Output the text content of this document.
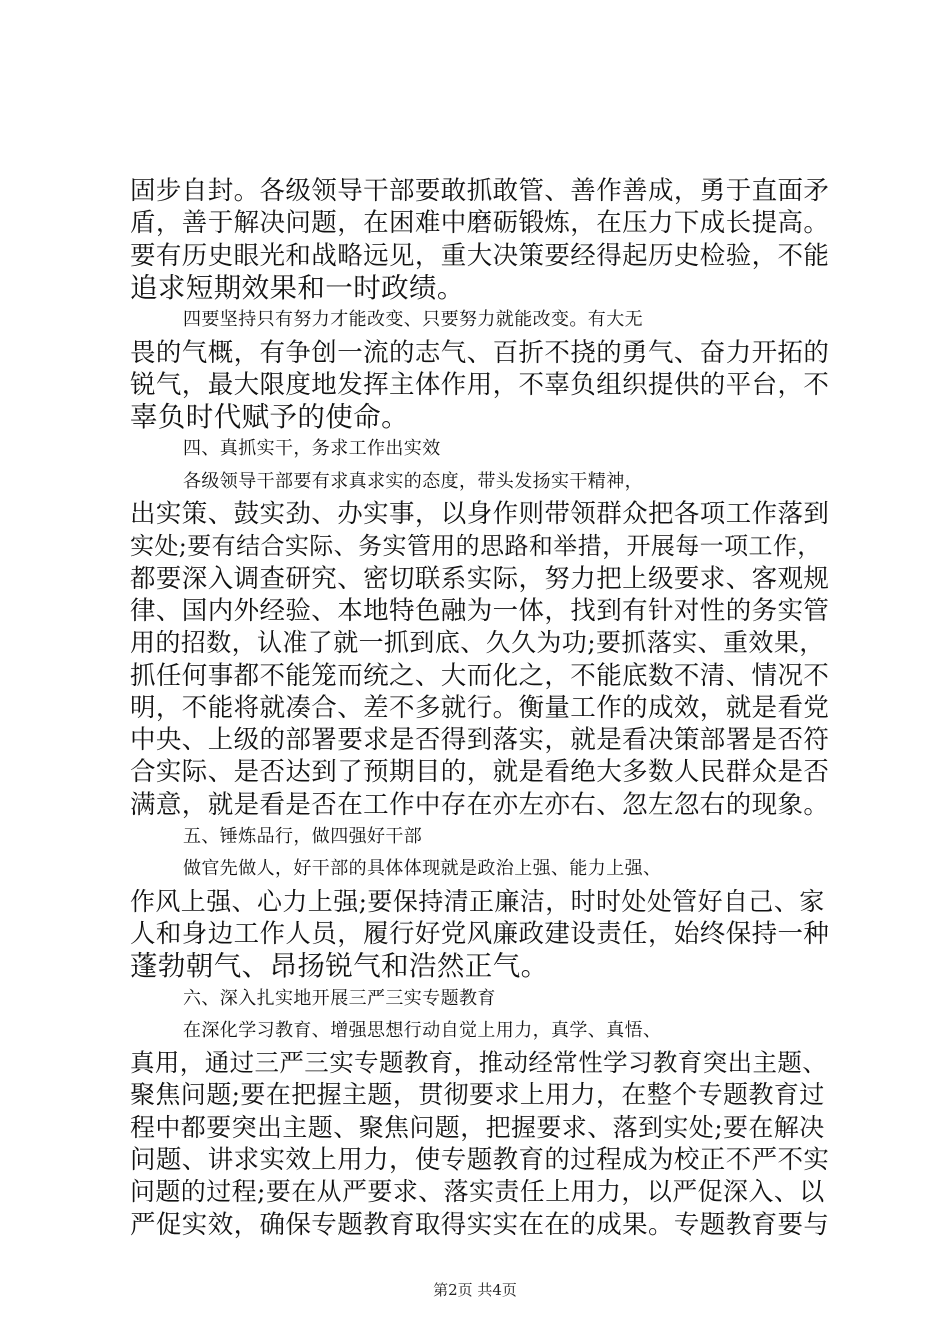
固步自封。各级领导干部要敢抓敢管、善作善成，勇于直面矛
盾，善于解决问题，在困难中磨砺锻炼，在压力下成长提高。
要有历史眼光和战略远见，重大决策要经得起历史检验，不能
追求短期效果和一时政绩。
四要坚持只有努力才能改变、只要努力就能改变。有大无
畏的气概，有争创一流的志气、百折不挠的勇气、奋力开拓的
锐气，最大限度地发挥主体作用，不辜负组织提供的平台，不
辜负时代赋予的使命。
四、真抓实干，务求工作出实效
各级领导干部要有求真求实的态度，带头发扬实干精神，
出实策、鼓实劲、办实事，以身作则带领群众把各项工作落到
实处;要有结合实际、务实管用的思路和举措，开展每一项工作，
都要深入调查研究、密切联系实际，努力把上级要求、客观规
律、国内外经验、本地特色融为一体，找到有针对性的务实管
用的招数，认准了就一抓到底、久久为功;要抓落实、重效果，
抓任何事都不能笼而统之、大而化之，不能底数不清、情况不
明，不能将就凑合、差不多就行。衡量工作的成效，就是看党
中央、上级的部署要求是否得到落实，就是看决策部署是否符
合实际、是否达到了预期目的，就是看绝大多数人民群众是否
满意，就是看是否在工作中存在亦左亦右、忽左忽右的现象。
五、锤炼品行，做四强好干部
做官先做人，好干部的具体体现就是政治上强、能力上强、
作风上强、心力上强;要保持清正廉洁，时时处处管好自己、家
人和身边工作人员，履行好党风廉政建设责任，始终保持一种
蓬勃朝气、昂扬锐气和浩然正气。
六、深入扎实地开展三严三实专题教育
在深化学习教育、增强思想行动自觉上用力，真学、真悟、
真用，通过三严三实专题教育，推动经常性学习教育突出主题、
聚焦问题;要在把握主题，贯彻要求上用力，在整个专题教育过
程中都要突出主题、聚焦问题，把握要求、落到实处;要在解决
问题、讲求实效上用力，使专题教育的过程成为校正不严不实
问题的过程;要在从严要求、落实责任上用力，以严促深入、以
严促实效，确保专题教育取得实实在在的成果。专题教育要与
第2页 共4页
